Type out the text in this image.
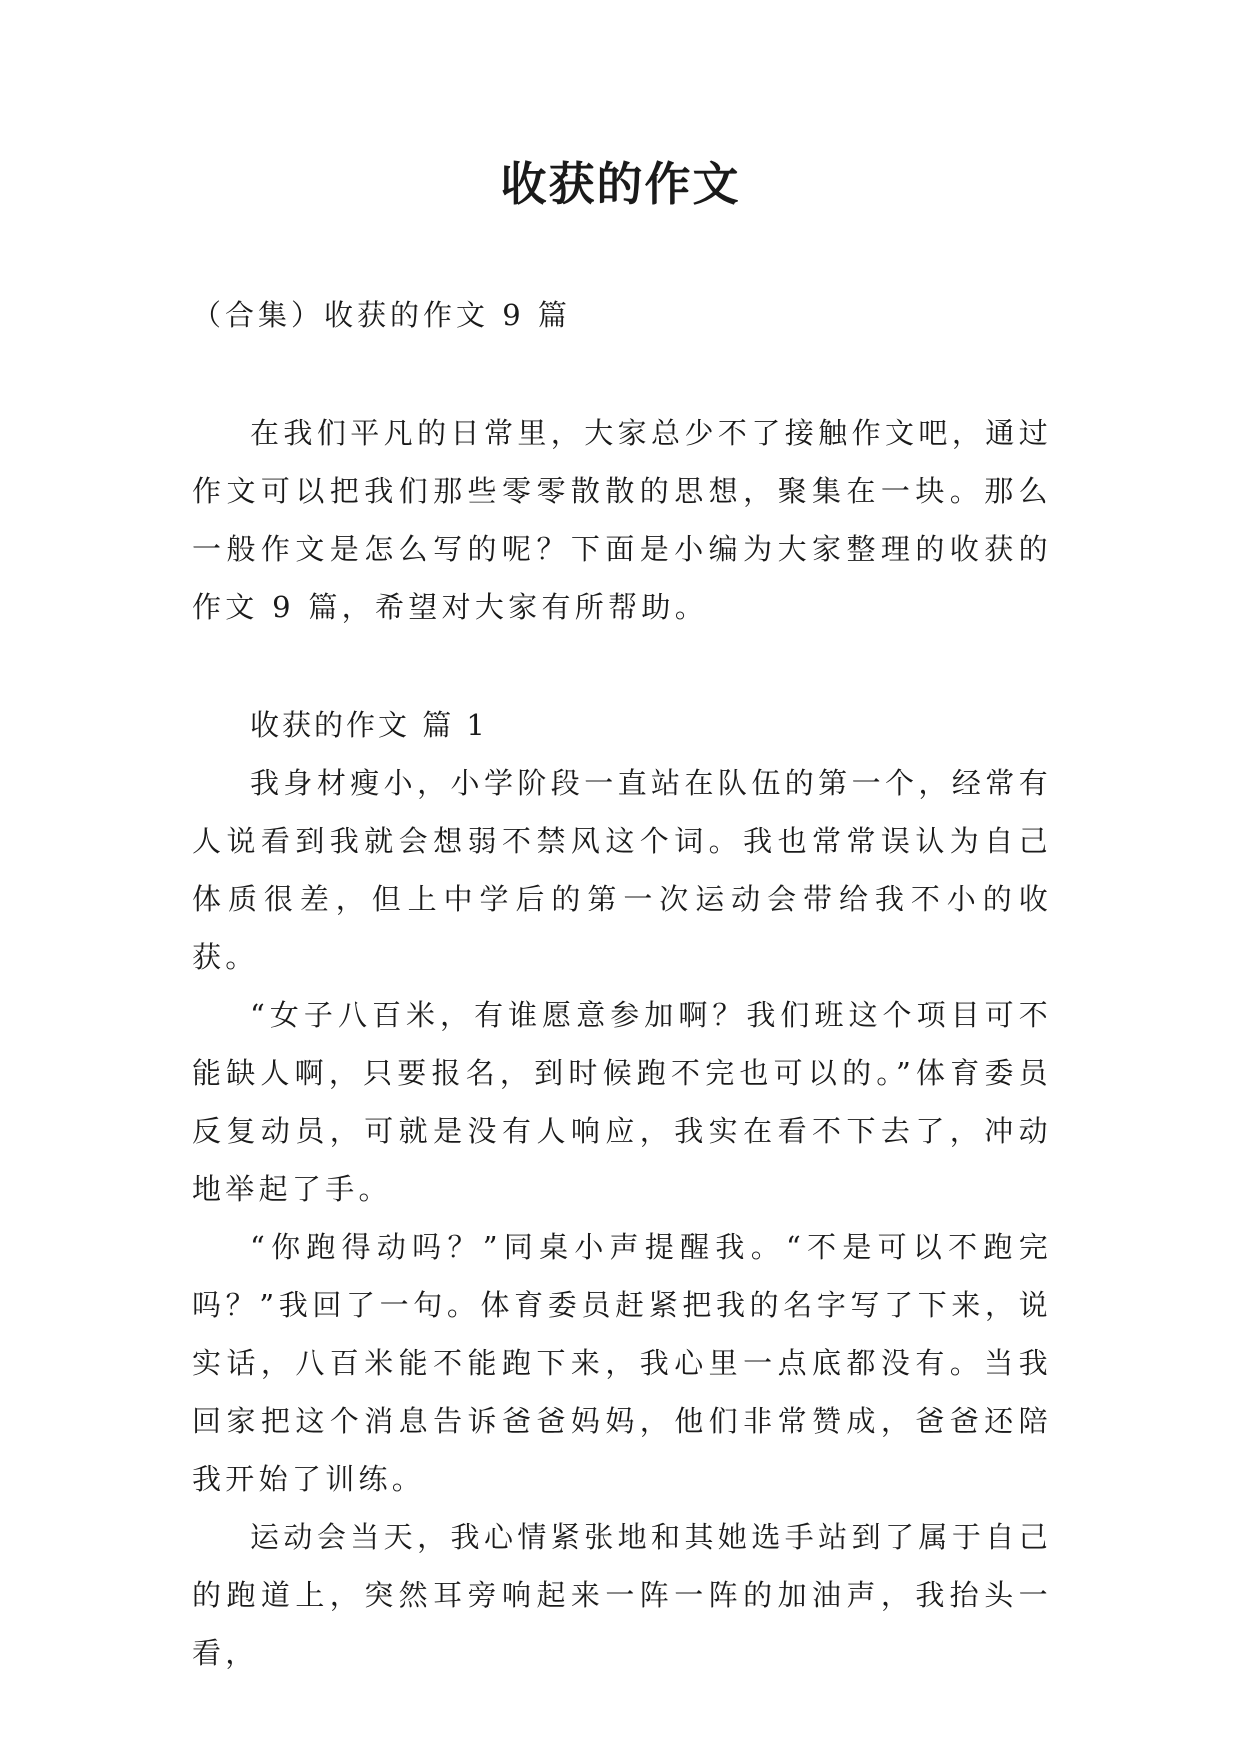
收获的作文

（合集）收获的作文 9 篇

在我们平凡的日常里，大家总少不了接触作文吧，通过作文可以把我们那些零零散散的思想，聚集在一块。那么一般作文是怎么写的呢？下面是小编为大家整理的收获的作文 9 篇，希望对大家有所帮助。

收获的作文 篇 1

我身材瘦小，小学阶段一直站在队伍的第一个，经常有人说看到我就会想弱不禁风这个词。我也常常误认为自己体质很差，但上中学后的第一次运动会带给我不小的收获。

“女子八百米，有谁愿意参加啊？我们班这个项目可不能缺人啊，只要报名，到时候跑不完也可以的。”体育委员反复动员，可就是没有人响应，我实在看不下去了，冲动地举起了手。

“你跑得动吗？”同桌小声提醒我。“不是可以不跑完吗？”我回了一句。体育委员赶紧把我的名字写了下来，说实话，八百米能不能跑下来，我心里一点底都没有。当我回家把这个消息告诉爸爸妈妈，他们非常赞成，爸爸还陪我开始了训练。

运动会当天，我心情紧张地和其她选手站到了属于自己的跑道上，突然耳旁响起来一阵一阵的加油声，我抬头一看，
